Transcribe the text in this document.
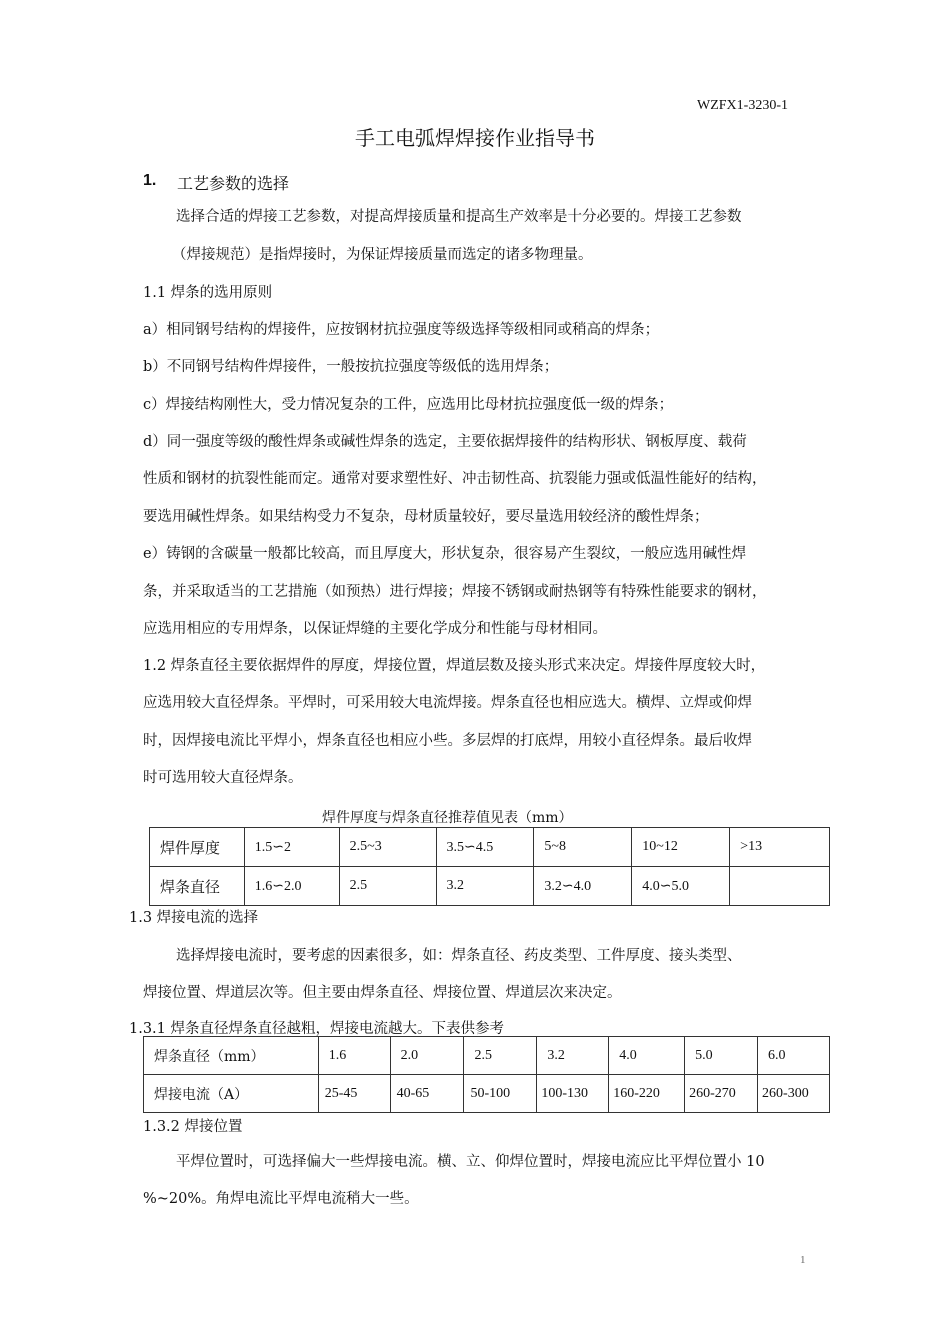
WZFX1-3230-1
手工电弧焊焊接作业指导书
1. 工艺参数的选择
选择合适的焊接工艺参数，对提高焊接质量和提高生产效率是十分必要的。焊接工艺参数
（焊接规范）是指焊接时，为保证焊接质量而选定的诸多物理量。
1.1 焊条的选用原则
a）相同钢号结构的焊接件，应按钢材抗拉强度等级选择等级相同或稍高的焊条；
b）不同钢号结构件焊接件，一般按抗拉强度等级低的选用焊条；
c）焊接结构刚性大，受力情况复杂的工件，应选用比母材抗拉强度低一级的焊条；
d）同一强度等级的酸性焊条或碱性焊条的选定，主要依据焊接件的结构形状、钢板厚度、载荷
性质和钢材的抗裂性能而定。通常对要求塑性好、冲击韧性高、抗裂能力强或低温性能好的结构，
要选用碱性焊条。如果结构受力不复杂，母材质量较好，要尽量选用较经济的酸性焊条；
e）铸钢的含碳量一般都比较高，而且厚度大，形状复杂，很容易产生裂纹，一般应选用碱性焊
条，并采取适当的工艺措施（如预热）进行焊接；焊接不锈钢或耐热钢等有特殊性能要求的钢材，
应选用相应的专用焊条，以保证焊缝的主要化学成分和性能与母材相同。
1.2 焊条直径主要依据焊件的厚度，焊接位置，焊道层数及接头形式来决定。焊接件厚度较大时，
应选用较大直径焊条。平焊时，可采用较大电流焊接。焊条直径也相应选大。横焊、立焊或仰焊
时，因焊接电流比平焊小，焊条直径也相应小些。多层焊的打底焊，用较小直径焊条。最后收焊
时可选用较大直径焊条。
焊件厚度与焊条直径推荐值见表（mm）
焊件厚度	1.5∽2	2.5~3	3.5∽4.5	5~8	10~12	>13
焊条直径	1.6∽2.0	2.5	3.2	3.2∽4.0	4.0∽5.0	
1.3 焊接电流的选择
选择焊接电流时，要考虑的因素很多，如：焊条直径、药皮类型、工件厚度、接头类型、
焊接位置、焊道层次等。但主要由焊条直径、焊接位置、焊道层次来决定。
1.3.1 焊条直径焊条直径越粗，焊接电流越大。下表供参考
焊条直径（mm）	1.6	2.0	2.5	3.2	4.0	5.0	6.0
焊接电流（A）	25-45	40-65	50-100	100-130	160-220	260-270	260-300
1.3.2 焊接位置
平焊位置时，可选择偏大一些焊接电流。横、立、仰焊位置时，焊接电流应比平焊位置小 10
%~20%。角焊电流比平焊电流稍大一些。
1
